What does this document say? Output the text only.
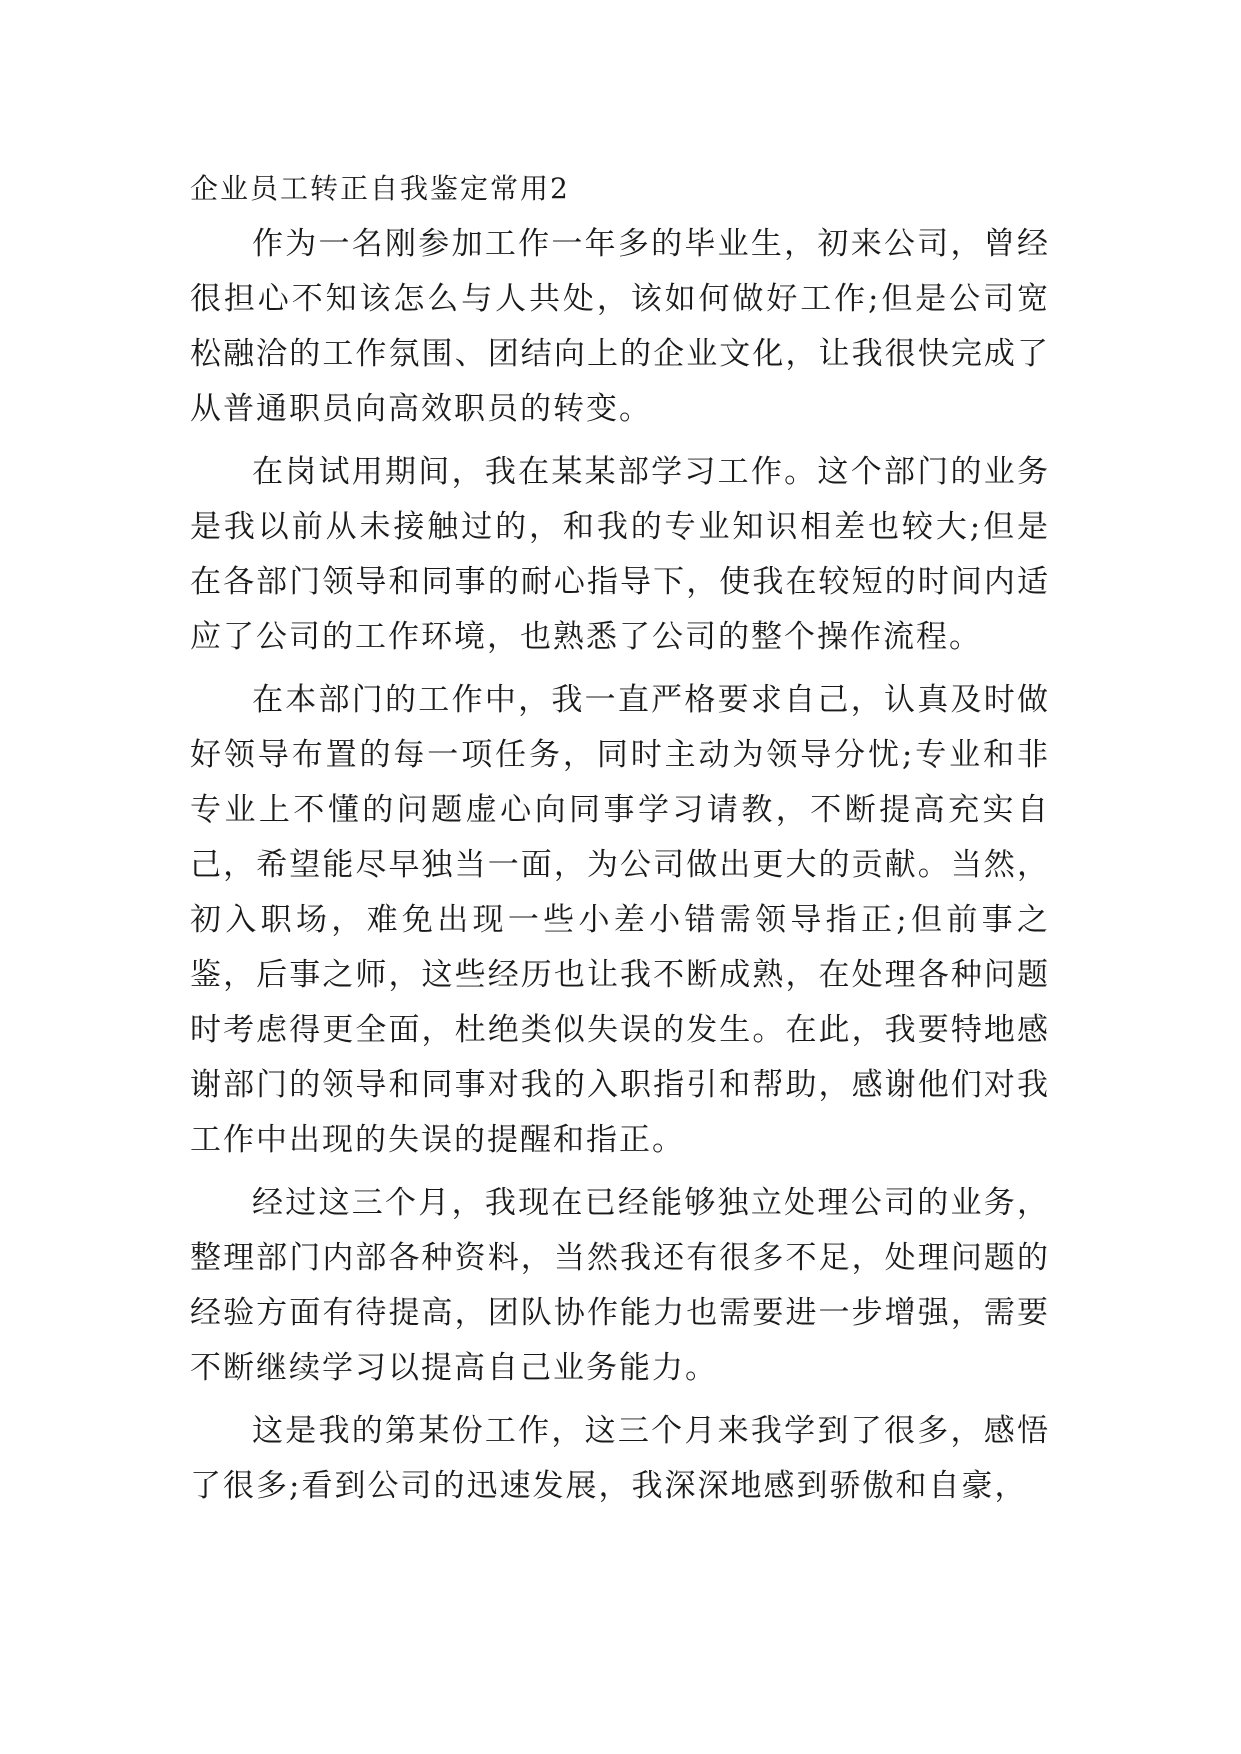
企业员工转正自我鉴定常用2

作为一名刚参加工作一年多的毕业生，初来公司，曾经很担心不知该怎么与人共处，该如何做好工作;但是公司宽松融洽的工作氛围、团结向上的企业文化，让我很快完成了从普通职员向高效职员的转变。

在岗试用期间，我在某某部学习工作。这个部门的业务是我以前从未接触过的，和我的专业知识相差也较大;但是在各部门领导和同事的耐心指导下，使我在较短的时间内适应了公司的工作环境，也熟悉了公司的整个操作流程。

在本部门的工作中，我一直严格要求自己，认真及时做好领导布置的每一项任务，同时主动为领导分忧;专业和非专业上不懂的问题虚心向同事学习请教，不断提高充实自己，希望能尽早独当一面，为公司做出更大的贡献。当然，初入职场，难免出现一些小差小错需领导指正;但前事之鉴，后事之师，这些经历也让我不断成熟，在处理各种问题时考虑得更全面，杜绝类似失误的发生。在此，我要特地感谢部门的领导和同事对我的入职指引和帮助，感谢他们对我工作中出现的失误的提醒和指正。

经过这三个月，我现在已经能够独立处理公司的业务，整理部门内部各种资料，当然我还有很多不足，处理问题的经验方面有待提高，团队协作能力也需要进一步增强，需要不断继续学习以提高自己业务能力。

这是我的第某份工作，这三个月来我学到了很多，感悟了很多;看到公司的迅速发展，我深深地感到骄傲和自豪，
